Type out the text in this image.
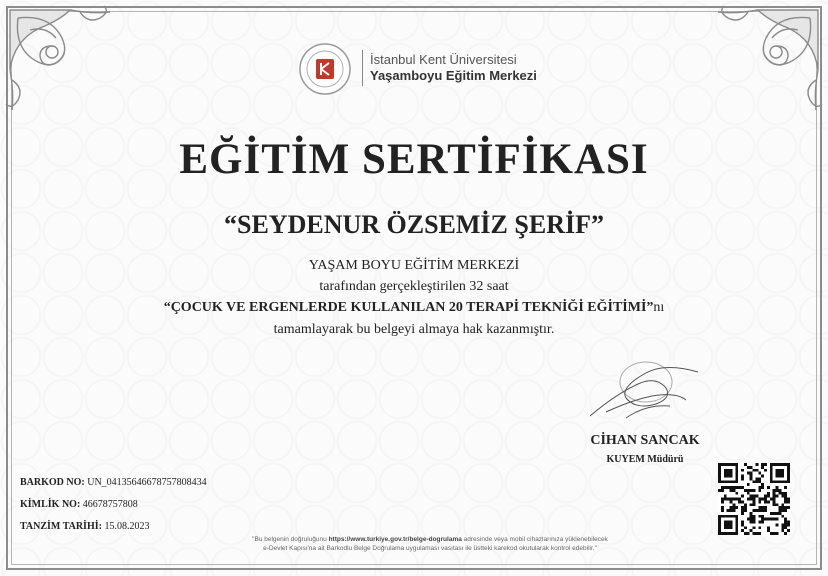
İstanbul Kent Üniversitesi
Yaşamboyu Eğitim Merkezi
EĞİTİM SERTİFİKASI
“SEYDENUR ÖZSEMİZ ŞERİF”
YAŞAM BOYU EĞİTİM MERKEZİ
tarafından gerçekleştirilen 32 saat
“ÇOCUK VE ERGENLERDE KULLANILAN 20 TERAPİ TEKNİĞİ EĞİTİMİ”nı
tamamlayarak bu belgeyi almaya hak kazanmıştır.
CİHAN SANCAK
KUYEM Müdürü
BARKOD NO: UN_04135646678757808434
KİMLİK NO: 46678757808
TANZİM TARİHİ: 15.08.2023
"Bu belgenin doğruluğunu https://www.turkiye.gov.tr/belge-dogrulama adresinde veya mobil cihazlarınıza yüklenebilecek
e-Devlet Kapısı'na ait Barkodlu Belge Doğrulama uygulaması vasıtası ile üstteki karekod okutularak kontrol edebilir."
